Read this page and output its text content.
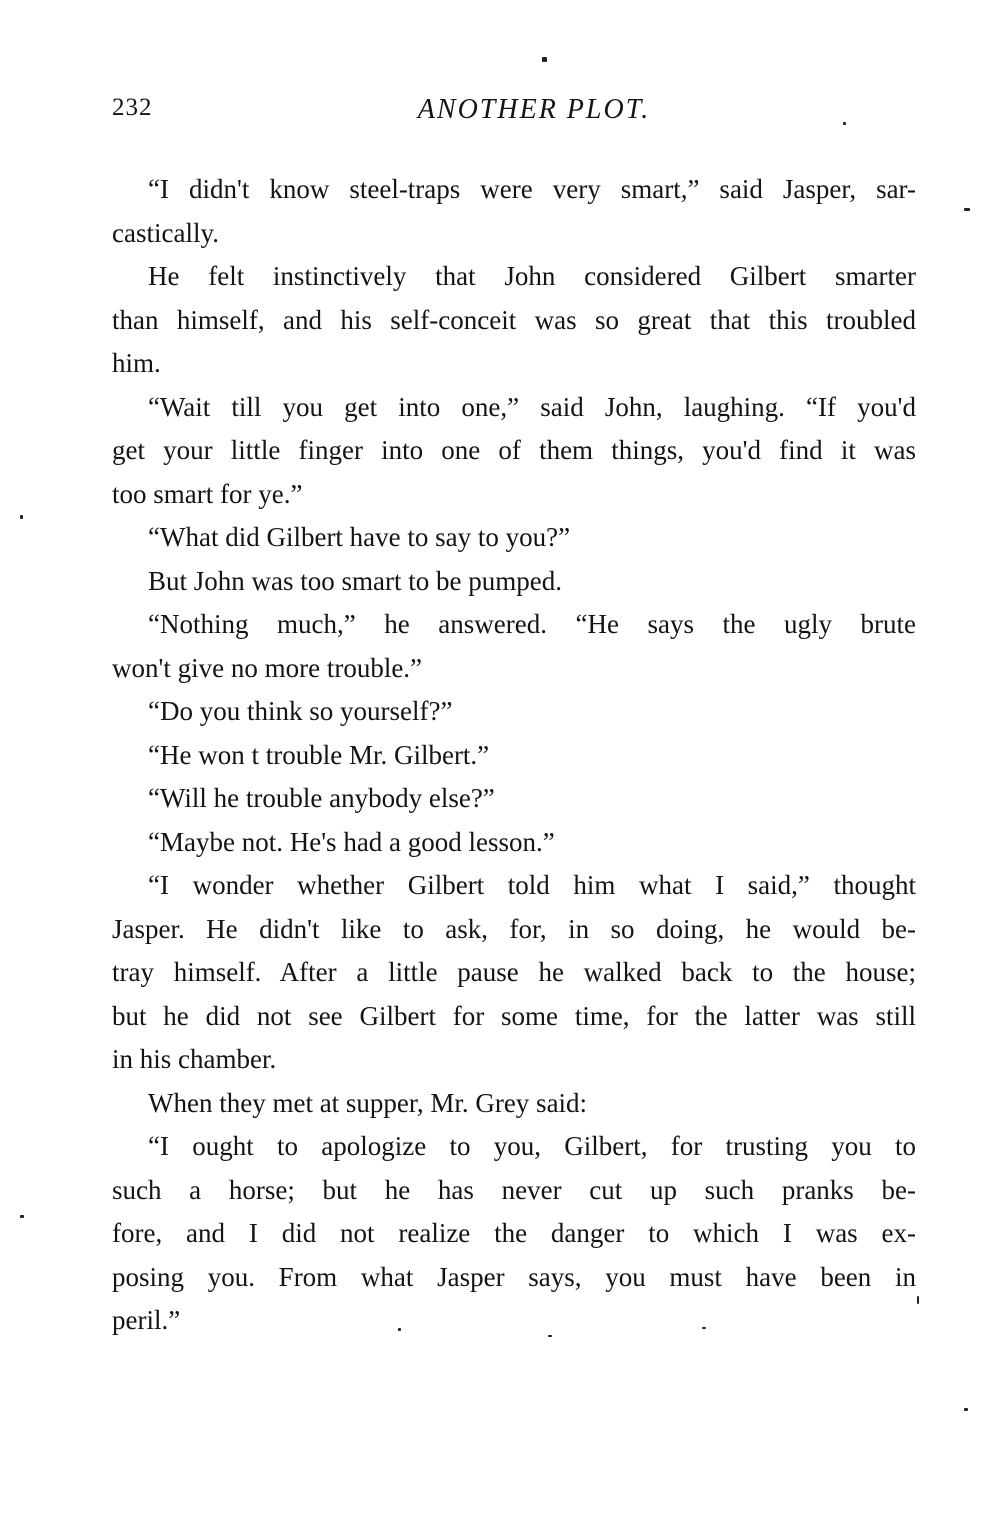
232	ANOTHER PLOT.
“I didn't know steel-traps were very smart,” said Jasper, sar-
castically.
He felt instinctively that John considered Gilbert smarter
than himself, and his self-conceit was so great that this troubled
him.
“Wait till you get into one,” said John, laughing. “If you'd
get your little finger into one of them things, you'd find it was
too smart for ye.”
“What did Gilbert have to say to you?”
But John was too smart to be pumped.
“Nothing much,” he answered. “He says the ugly brute
won't give no more trouble.”
“Do you think so yourself?”
“He won t trouble Mr. Gilbert.”
“Will he trouble anybody else?”
“Maybe not. He's had a good lesson.”
“I wonder whether Gilbert told him what I said,” thought
Jasper. He didn't like to ask, for, in so doing, he would be-
tray himself. After a little pause he walked back to the house;
but he did not see Gilbert for some time, for the latter was still
in his chamber.
When they met at supper, Mr. Grey said:
“I ought to apologize to you, Gilbert, for trusting you to
such a horse; but he has never cut up such pranks be-
fore, and I did not realize the danger to which I was ex-
posing you. From what Jasper says, you must have been in
peril.”
